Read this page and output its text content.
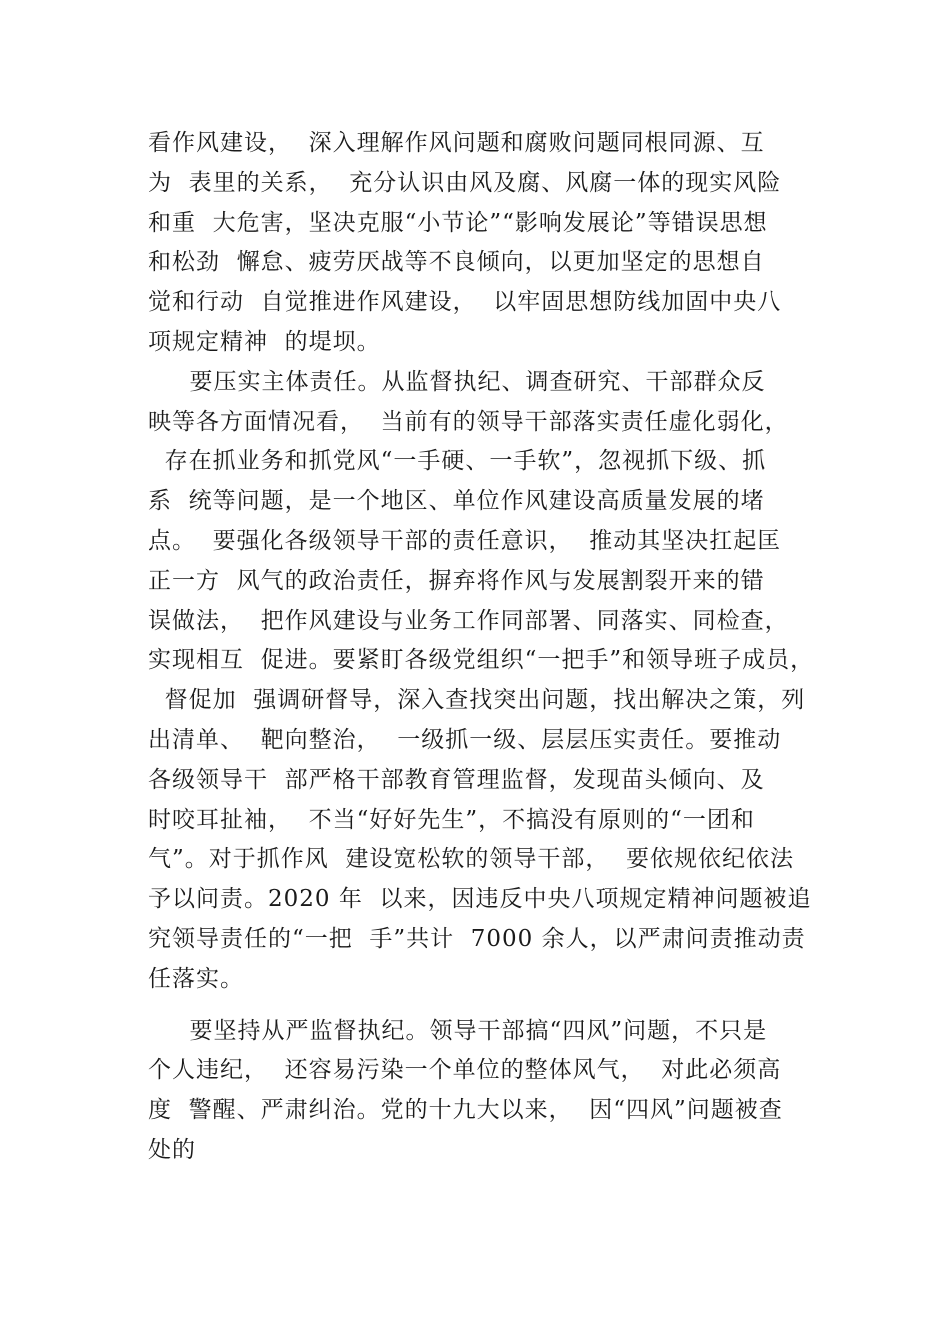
看作风建设，  深入理解作风问题和腐败问题同根同源、互
为  表里的关系，  充分认识由风及腐、风腐一体的现实风险
和重  大危害，坚决克服“小节论”“影响发展论”等错误思想
和松劲  懈怠、疲劳厌战等不良倾向，以更加坚定的思想自
觉和行动  自觉推进作风建设，  以牢固思想防线加固中央八
项规定精神  的堤坝。
要压实主体责任。从监督执纪、调查研究、干部群众反
映等各方面情况看，  当前有的领导干部落实责任虚化弱化，
存在抓业务和抓党风“一手硬、一手软”，忽视抓下级、抓
系  统等问题，是一个地区、单位作风建设高质量发展的堵
点。  要强化各级领导干部的责任意识，  推动其坚决扛起匡
正一方  风气的政治责任，摒弃将作风与发展割裂开来的错
误做法，  把作风建设与业务工作同部署、同落实、同检查，
实现相互  促进。要紧盯各级党组织“一把手”和领导班子成员，
督促加  强调研督导，深入查找突出问题，找出解决之策，列
出清单、  靶向整治，  一级抓一级、层层压实责任。要推动
各级领导干  部严格干部教育管理监督，发现苗头倾向、及
时咬耳扯袖，  不当“好好先生”，不搞没有原则的“一团和
气”。对于抓作风  建设宽松软的领导干部，  要依规依纪依法
予以问责。2020 年  以来，因违反中央八项规定精神问题被追
究领导责任的“一把  手”共计  7000 余人，以严肃问责推动责
任落实。
要坚持从严监督执纪。领导干部搞“四风”问题，不只是
个人违纪，  还容易污染一个单位的整体风气，  对此必须高
度  警醒、严肃纠治。党的十九大以来，  因“四风”问题被查
处的
